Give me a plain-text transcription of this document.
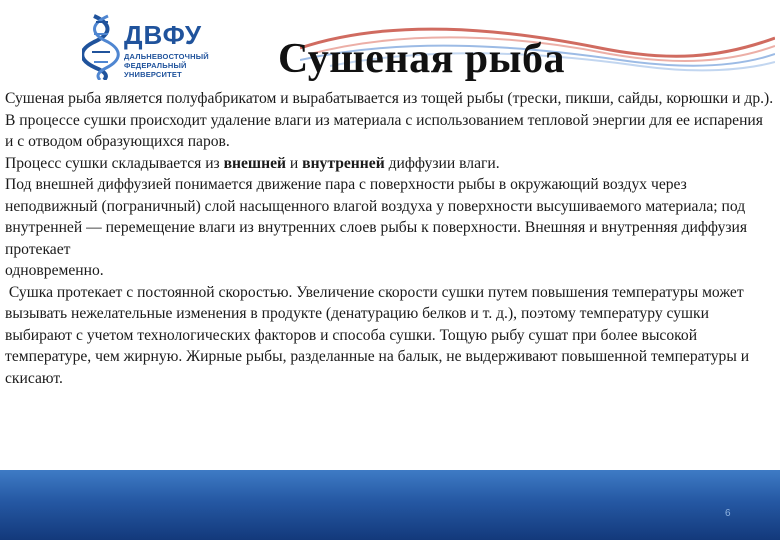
ДВФУ
ДАЛЬНЕВОСТОЧНЫЙ
ФЕДЕРАЛЬНЫЙ
УНИВЕРСИТЕТ Сушеная рыба

Сушеная рыба является полуфабрикатом и вырабатывается из тощей рыбы (трески, пикши, сайды, корюшки и др.).

В процессе сушки происходит удаление влаги из материала с использованием тепловой энергии для ее испарения и с отводом образующихся паров.

Процесс сушки складывается из внешней и внутренней диффузии влаги.

Под внешней диффузией понимается движение пара с поверхности рыбы в окружающий воздух через неподвижный (пограничный) слой насыщенного влагой воздуха у поверхности высушиваемого материала; под внутренней — перемещение влаги из внутренних слоев рыбы к поверхности. Внешняя и внутренняя диффузия протекает

одновременно.

Сушка протекает с постоянной скоростью. Увеличение скорости сушки путем повышения температуры может вызывать нежелательные изменения в продукте (денатурацию белков и т. д.), поэтому температуру сушки выбирают с учетом технологических факторов и способа сушки. Тощую рыбу сушат при более высокой температуре, чем жирную. Жирные рыбы, разделанные на балык, не выдерживают повышенной температуры и скисают.

6
